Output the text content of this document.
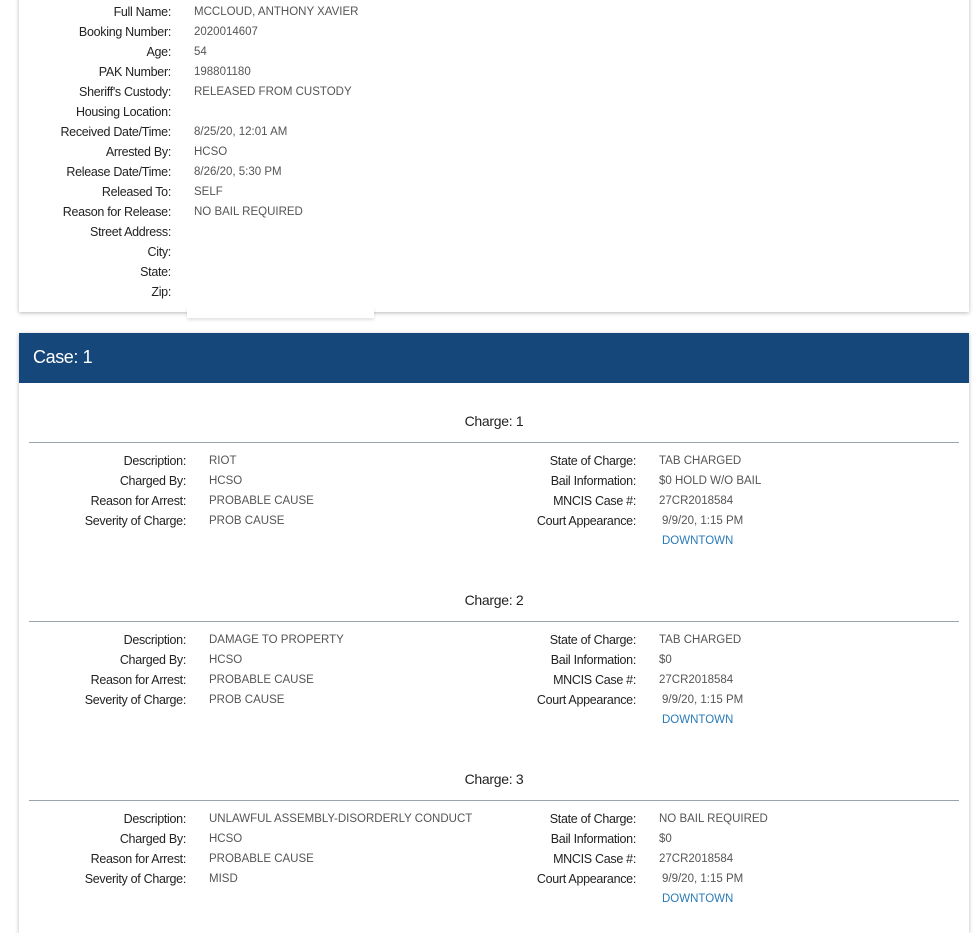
Full Name: MCCLOUD, ANTHONY XAVIER
Booking Number: 2020014607
Age: 54
PAK Number: 198801180
Sheriff's Custody: RELEASED FROM CUSTODY
Housing Location:
Received Date/Time: 8/25/20, 12:01 AM
Arrested By: HCSO
Release Date/Time: 8/26/20, 5:30 PM
Released To: SELF
Reason for Release: NO BAIL REQUIRED
Street Address:
City:
State:
Zip:
Case: 1
Charge: 1
Description: RIOT
Charged By: HCSO
Reason for Arrest: PROBABLE CAUSE
Severity of Charge: PROB CAUSE
State of Charge: TAB CHARGED
Bail Information: $0 HOLD W/O BAIL
MNCIS Case #: 27CR2018584
Court Appearance: 9/9/20, 1:15 PM
DOWNTOWN
Charge: 2
Description: DAMAGE TO PROPERTY
Charged By: HCSO
Reason for Arrest: PROBABLE CAUSE
Severity of Charge: PROB CAUSE
State of Charge: TAB CHARGED
Bail Information: $0
MNCIS Case #: 27CR2018584
Court Appearance: 9/9/20, 1:15 PM
DOWNTOWN
Charge: 3
Description: UNLAWFUL ASSEMBLY-DISORDERLY CONDUCT
Charged By: HCSO
Reason for Arrest: PROBABLE CAUSE
Severity of Charge: MISD
State of Charge: NO BAIL REQUIRED
Bail Information: $0
MNCIS Case #: 27CR2018584
Court Appearance: 9/9/20, 1:15 PM
DOWNTOWN
